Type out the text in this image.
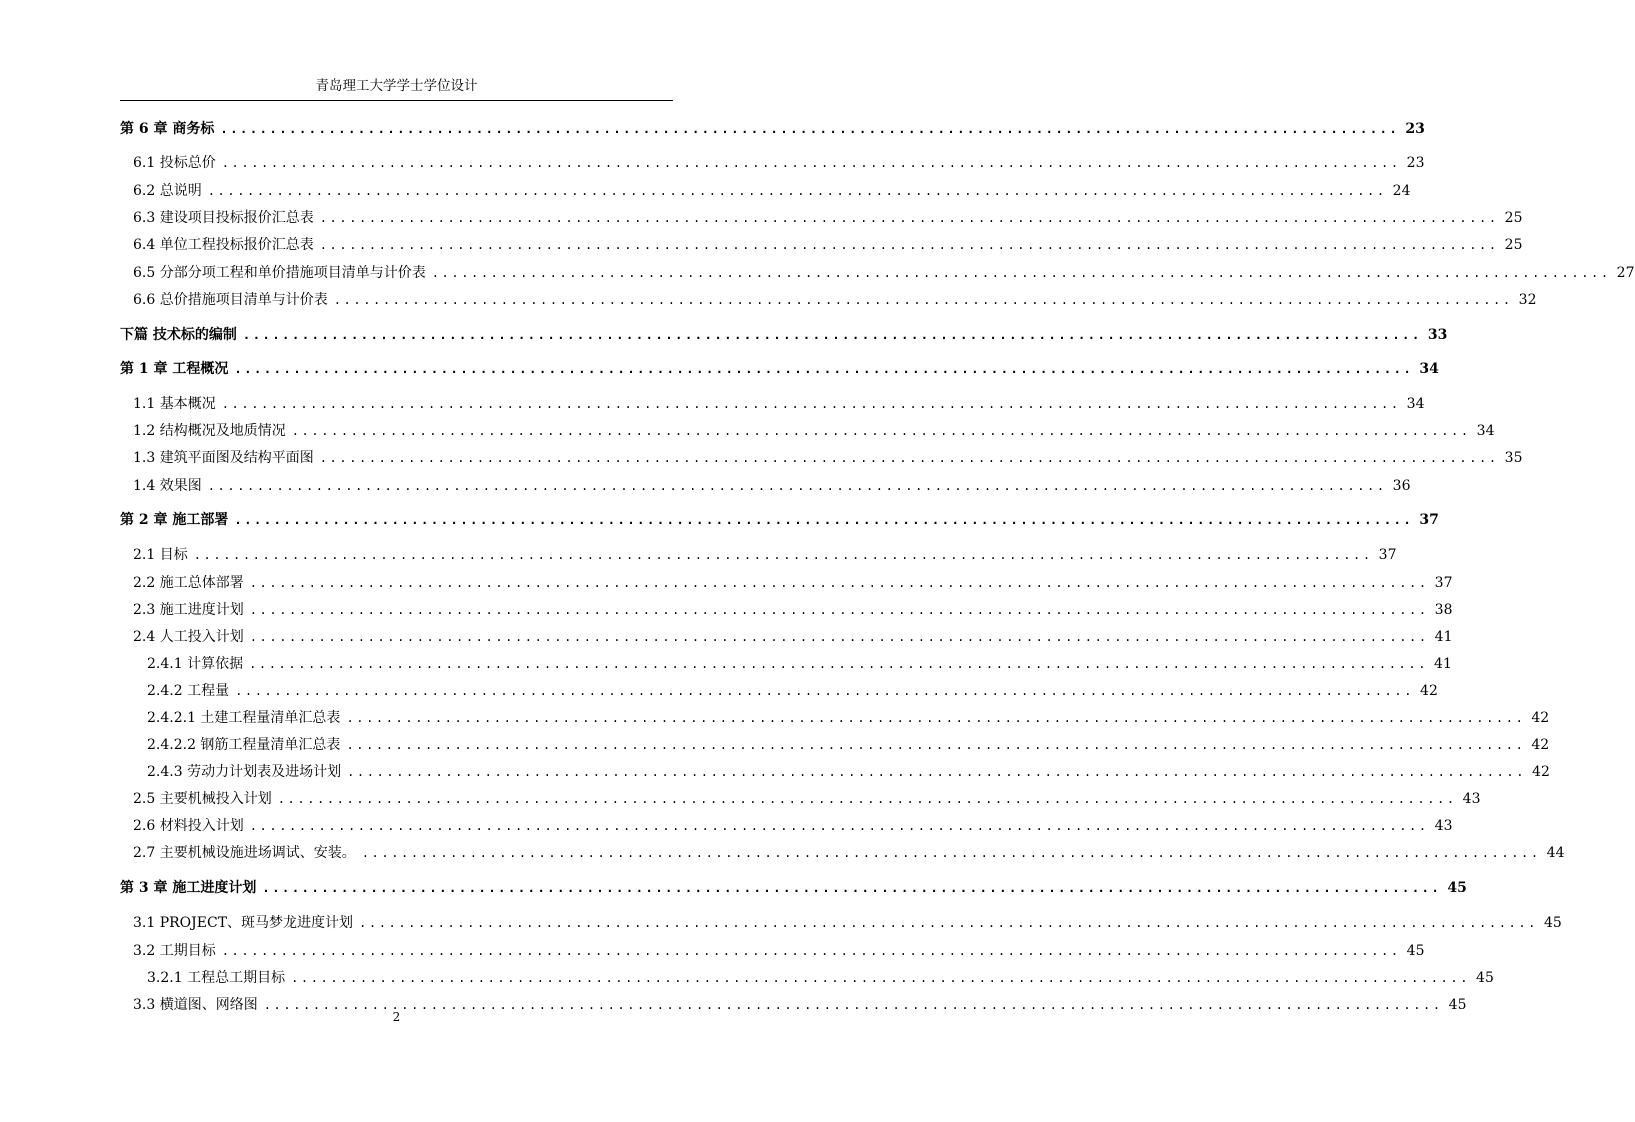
青岛理工大学学士学位设计
第 6 章 商务标 ........................................................................................................................ 23
6.1 投标总价 ........................................................................................................................ 23
6.2 总说明 ........................................................................................................................ 24
6.3 建设项目投标报价汇总表 ........................................................................................................................ 25
6.4 单位工程投标报价汇总表 ........................................................................................................................ 25
6.5 分部分项工程和单价措施项目清单与计价表 ........................................................................................................................ 27
6.6 总价措施项目清单与计价表 ........................................................................................................................ 32
下篇 技术标的编制 ........................................................................................................................ 33
第 1 章 工程概况 ........................................................................................................................ 34
1.1 基本概况 ........................................................................................................................ 34
1.2 结构概况及地质情况 ........................................................................................................................ 34
1.3 建筑平面图及结构平面图 ........................................................................................................................ 35
1.4 效果图 ........................................................................................................................ 36
第 2 章 施工部署 ........................................................................................................................ 37
2.1 目标 ........................................................................................................................ 37
2.2 施工总体部署 ........................................................................................................................ 37
2.3 施工进度计划 ........................................................................................................................ 38
2.4 人工投入计划 ........................................................................................................................ 41
2.4.1 计算依据 ........................................................................................................................ 41
2.4.2 工程量 ........................................................................................................................ 42
2.4.2.1 土建工程量清单汇总表 ........................................................................................................................ 42
2.4.2.2 钢筋工程量清单汇总表 ........................................................................................................................ 42
2.4.3 劳动力计划表及进场计划 ........................................................................................................................ 42
2.5 主要机械投入计划 ........................................................................................................................ 43
2.6 材料投入计划 ........................................................................................................................ 43
2.7 主要机械设施进场调试、安装。 ........................................................................................................................ 44
第 3 章 施工进度计划 ........................................................................................................................ 45
3.1 PROJECT、斑马梦龙进度计划 ........................................................................................................................ 45
3.2 工期目标 ........................................................................................................................ 45
3.2.1 工程总工期目标 ........................................................................................................................ 45
3.3 横道图、网络图 ........................................................................................................................ 45
2
